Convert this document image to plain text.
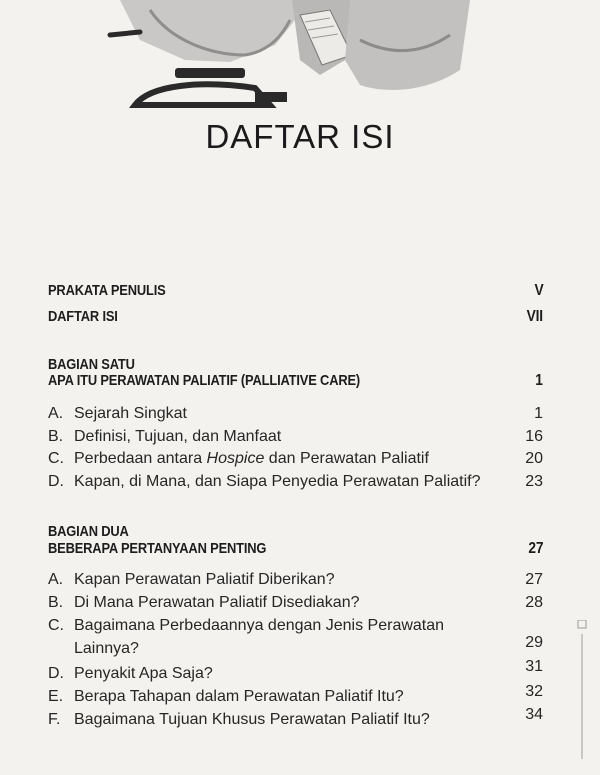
DAFTAR ISI
PRAKATA PENULIS	V
DAFTAR ISI	VII
BAGIAN SATU
APA ITU PERAWATAN PALIATIF (PALLIATIVE CARE)	1
A. Sejarah Singkat	1
B. Definisi, Tujuan, dan Manfaat	16
C. Perbedaan antara Hospice dan Perawatan Paliatif	20
D. Kapan, di Mana, dan Siapa Penyedia Perawatan Paliatif?	23
BAGIAN DUA
BEBERAPA PERTANYAAN PENTING	27
A. Kapan Perawatan Paliatif Diberikan?	27
B. Di Mana Perawatan Paliatif Disediakan?	28
C. Bagaimana Perbedaannya dengan Jenis Perawatan
Lainnya?	29
D. Penyakit Apa Saja?	31
E. Berapa Tahapan dalam Perawatan Paliatif Itu?	32
F. Bagaimana Tujuan Khusus Perawatan Paliatif Itu?	34
